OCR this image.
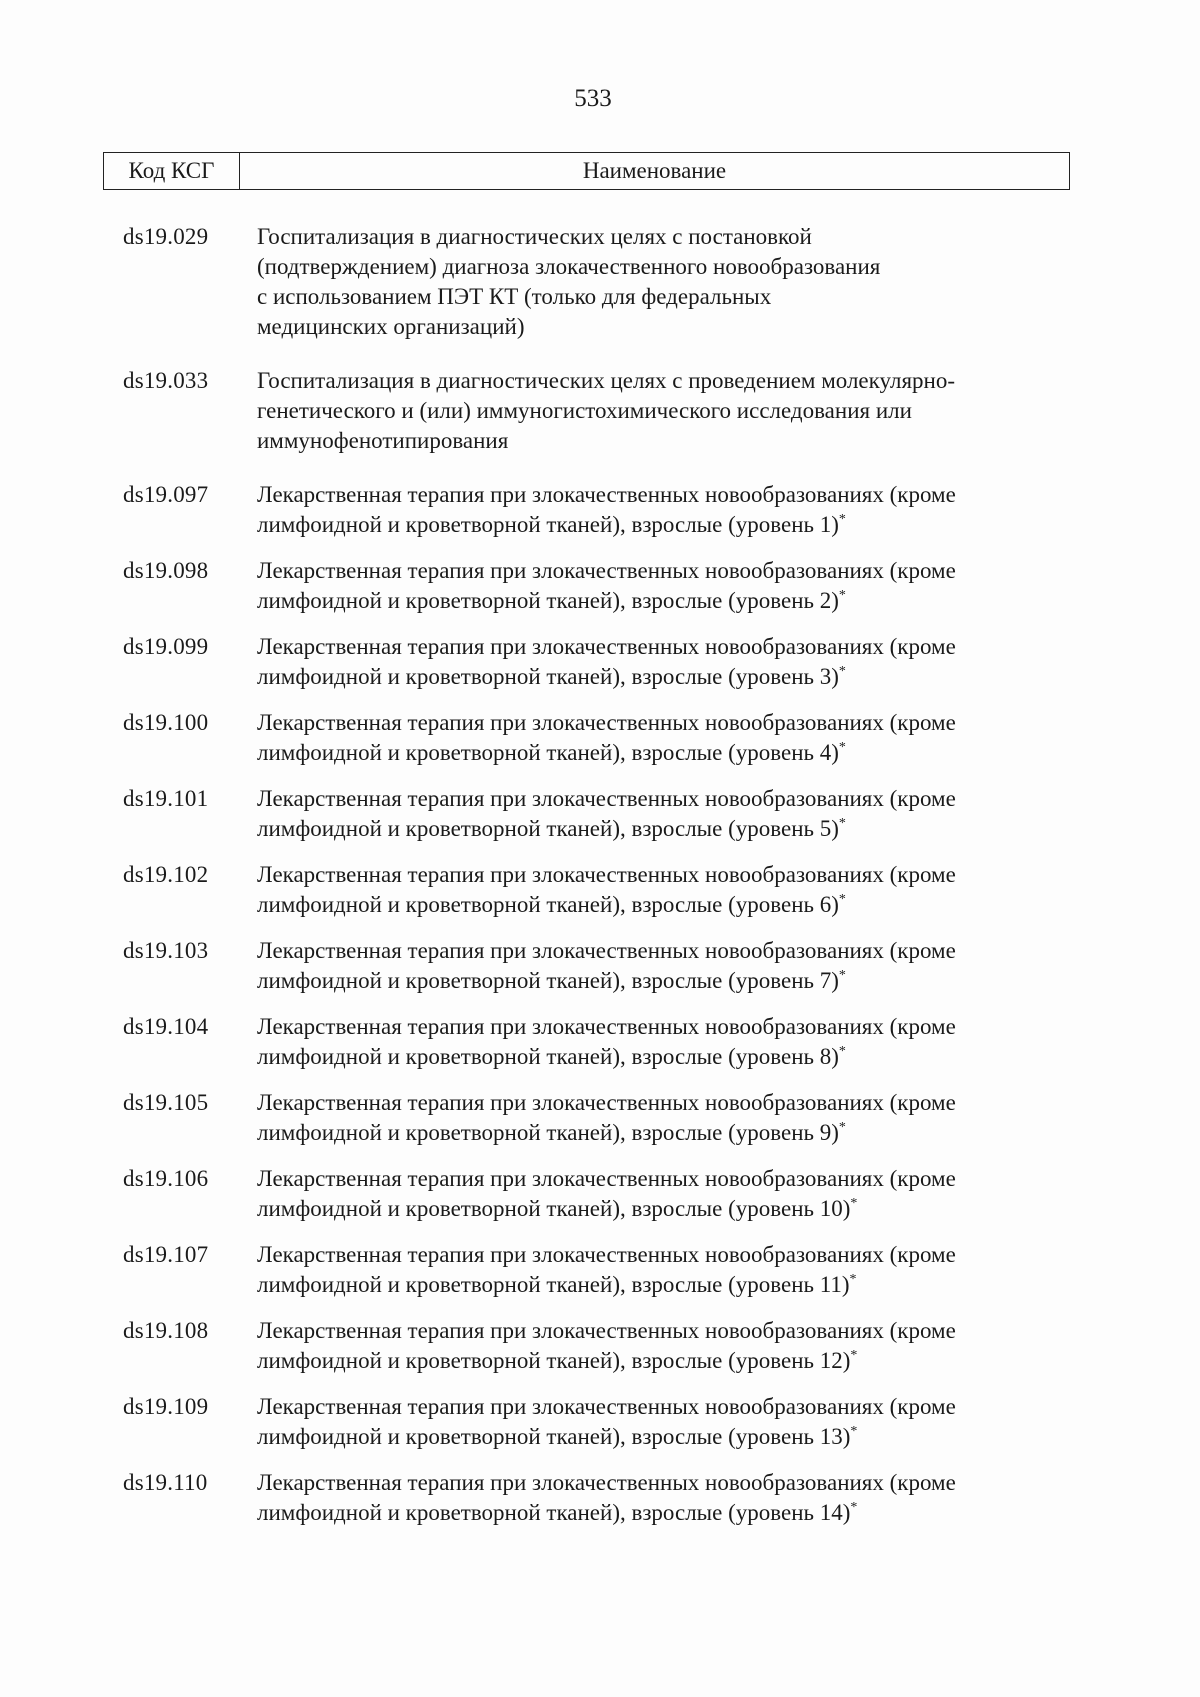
533
Код КСГ	Наименование
ds19.029	Госпитализация в диагностических целях с постановкой
(подтверждением) диагноза злокачественного новообразования
с использованием ПЭТ КТ (только для федеральных
медицинских организаций)
ds19.033	Госпитализация в диагностических целях с проведением молекулярно-
генетического и (или) иммуногистохимического исследования или
иммунофенотипирования
ds19.097	Лекарственная терапия при злокачественных новообразованиях (кроме
лимфоидной и кроветворной тканей), взрослые (уровень 1)*
ds19.098	Лекарственная терапия при злокачественных новообразованиях (кроме
лимфоидной и кроветворной тканей), взрослые (уровень 2)*
ds19.099	Лекарственная терапия при злокачественных новообразованиях (кроме
лимфоидной и кроветворной тканей), взрослые (уровень 3)*
ds19.100	Лекарственная терапия при злокачественных новообразованиях (кроме
лимфоидной и кроветворной тканей), взрослые (уровень 4)*
ds19.101	Лекарственная терапия при злокачественных новообразованиях (кроме
лимфоидной и кроветворной тканей), взрослые (уровень 5)*
ds19.102	Лекарственная терапия при злокачественных новообразованиях (кроме
лимфоидной и кроветворной тканей), взрослые (уровень 6)*
ds19.103	Лекарственная терапия при злокачественных новообразованиях (кроме
лимфоидной и кроветворной тканей), взрослые (уровень 7)*
ds19.104	Лекарственная терапия при злокачественных новообразованиях (кроме
лимфоидной и кроветворной тканей), взрослые (уровень 8)*
ds19.105	Лекарственная терапия при злокачественных новообразованиях (кроме
лимфоидной и кроветворной тканей), взрослые (уровень 9)*
ds19.106	Лекарственная терапия при злокачественных новообразованиях (кроме
лимфоидной и кроветворной тканей), взрослые (уровень 10)*
ds19.107	Лекарственная терапия при злокачественных новообразованиях (кроме
лимфоидной и кроветворной тканей), взрослые (уровень 11)*
ds19.108	Лекарственная терапия при злокачественных новообразованиях (кроме
лимфоидной и кроветворной тканей), взрослые (уровень 12)*
ds19.109	Лекарственная терапия при злокачественных новообразованиях (кроме
лимфоидной и кроветворной тканей), взрослые (уровень 13)*
ds19.110	Лекарственная терапия при злокачественных новообразованиях (кроме
лимфоидной и кроветворной тканей), взрослые (уровень 14)*
